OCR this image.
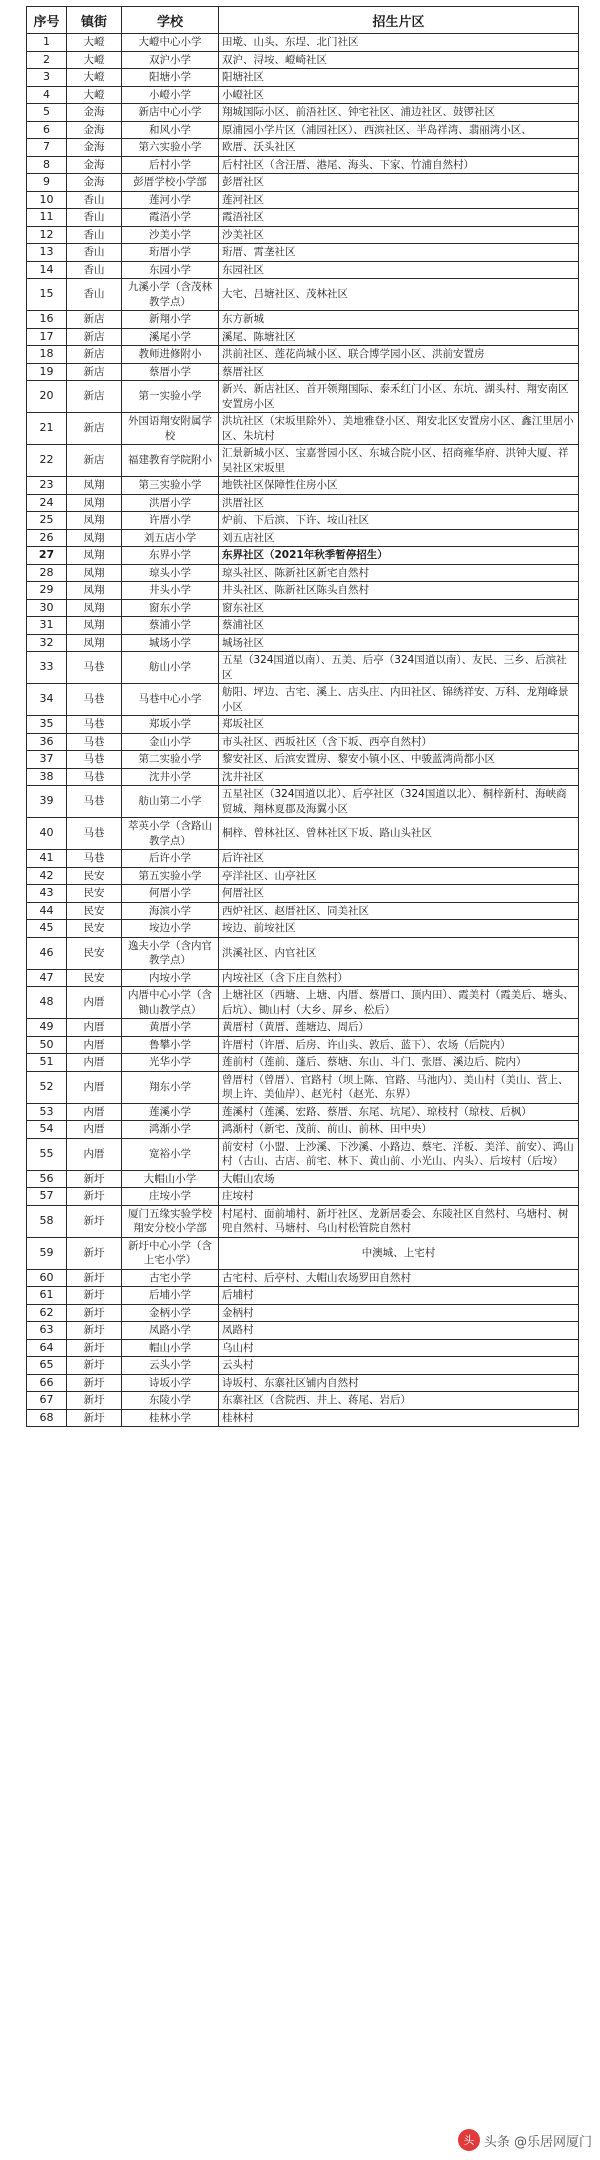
序号	镇街	学校	招生片区
1	大嶝	大嶝中心小学	田墘、山头、东埕、北门社区
2	大嶝	双沪小学	双沪、浔垵、嶝崎社区
3	大嶝	阳塘小学	阳塘社区
4	大嶝	小嶝小学	小嶝社区
5	金海	新店中心小学	翔城国际小区、前浯社区、钟宅社区、浦边社区、鼓锣社区
6	金海	和风小学	原浦园小学片区（浦园社区）、西滨社区、半岛祥湾、翡丽湾小区、
7	金海	第六实验小学	欧厝、沃头社区
8	金海	后村小学	后村社区（含汪厝、港尾、海头、下家、竹浦自然村）
9	金海	彭厝学校小学部	彭厝社区
10	香山	莲河小学	莲河社区
11	香山	霞浯小学	霞浯社区
12	香山	沙美小学	沙美社区
13	香山	珩厝小学	珩厝、霄垄社区
14	香山	东园小学	东园社区
15	香山	九溪小学（含茂林教学点）	大宅、吕塘社区、茂林社区
16	新店	新翔小学	东方新城
17	新店	溪尾小学	溪尾、陈塘社区
18	新店	教师进修附小	洪前社区、莲花尚城小区、联合博学园小区、洪前安置房
19	新店	蔡厝小学	蔡厝社区
20	新店	第一实验小学	新兴、新店社区、首开领翔国际、泰禾红门小区、东坑、湖头村、翔安南区安置房小区
21	新店	外国语翔安附属学校	洪坑社区（宋坂里除外）、美地雅登小区、翔安北区安置房小区、鑫江里居小区、朱坑村
22	新店	福建教育学院附小	汇景新城小区、宝嘉誉园小区、东城合院小区、招商雍华府、洪钟大厦、祥吴社区宋坂里
23	凤翔	第三实验小学	地铁社区保障性住房小区
24	凤翔	洪厝小学	洪厝社区
25	凤翔	许厝小学	炉前、下后滨、下许、垵山社区
26	凤翔	刘五店小学	刘五店社区
27	凤翔	东界小学	东界社区（2021年秋季暂停招生）
28	凤翔	琼头小学	琼头社区、陈新社区新宅自然村
29	凤翔	井头小学	井头社区、陈新社区陈头自然村
30	凤翔	窗东小学	窗东社区
31	凤翔	蔡浦小学	蔡浦社区
32	凤翔	城场小学	城场社区
33	马巷	舫山小学	五星（324国道以南）、五美、后亭（324国道以南）、友民、三乡、后滨社区
34	马巷	马巷中心小学	舫阳、坪边、古宅、溪上、店头庄、内田社区、锦绣祥安、万科、龙翔峰景小区
35	马巷	郑坂小学	郑坂社区
36	马巷	金山小学	市头社区、西坂社区（含下坂、西亭自然村）
37	马巷	第二实验小学	黎安社区、后滨安置房、黎安小镇小区、中骏蓝湾尚都小区
38	马巷	沈井小学	沈井社区
39	马巷	舫山第二小学	五星社区（324国道以北）、后亭社区（324国道以北）、桐梓新村、海峡商贸城、翔林夏郡及海翼小区
40	马巷	萃英小学（含路山教学点）	桐梓、曾林社区、曾林社区下坂、路山头社区
41	马巷	后许小学	后许社区
42	民安	第五实验小学	亭洋社区、山亭社区
43	民安	何厝小学	何厝社区
44	民安	海滨小学	西炉社区、赵厝社区、同美社区
45	民安	垵边小学	垵边、前垵社区
46	民安	逸夫小学（含内官教学点）	洪溪社区、内官社区
47	民安	内垵小学	内垵社区（含下庄自然村）
48	内厝	内厝中心小学（含锄山教学点）	上塘社区（西塘、上塘、内厝、蔡厝口、顶内田）、霞美村（霞美后、塘头、后坑）、锄山村（大乡、屏乡、松后）
49	内厝	黄厝小学	黄厝村（黄厝、莲塘边、周后）
50	内厝	鲁攀小学	许厝村（许厝、后房、许山头、敦后、蓝下）、农场（后院内）
51	内厝	光华小学	莲前村（莲前、蓬后、蔡塘、东山、斗门、张厝、溪边后、院内）
52	内厝	翔东小学	曾厝村（曾厝）、官路村（坝上陈、官路、马池内）、美山村（美山、营上、坝上许、美仙岸）、赵光村（赵光、东界）
53	内厝	莲溪小学	莲溪村（莲溪、宏路、蔡厝、东尾、坑尾）、琼枝村（琼枝、后枫）
54	内厝	鸿渐小学	鸿渐村（新宅、茂前、前山、前林、田中央）
55	内厝	宽裕小学	前安村（小盟、上沙溪、下沙溪、小路边、蔡宅、洋板、美洋、前安）、鸿山村（古山、古店、前宅、林下、黄山前、小光山、内头）、后垵村（后垵）
56	新圩	大帽山小学	大帽山农场
57	新圩	庄垵小学	庄垵村
58	新圩	厦门五缘实验学校翔安分校小学部	村尾村、面前埔村、新圩社区、龙新居委会、东陵社区自然村、乌塘村、树兜自然村、马塘村、乌山村松管院自然村
59	新圩	新圩中心小学（含上宅小学）	中澳城、上宅村
60	新圩	古宅小学	古宅村、后亭村、大帽山农场罗田自然村
61	新圩	后埔小学	后埔村
62	新圩	金柄小学	金柄村
63	新圩	凤路小学	凤路村
64	新圩	帽山小学	乌山村
65	新圩	云头小学	云头村
66	新圩	诗坂小学	诗坂村、东寨社区铺内自然村
67	新圩	东陵小学	东寨社区（含院西、井上、蒋尾、岩后）
68	新圩	桂林小学	桂林村
头 头条 @乐居网厦门
